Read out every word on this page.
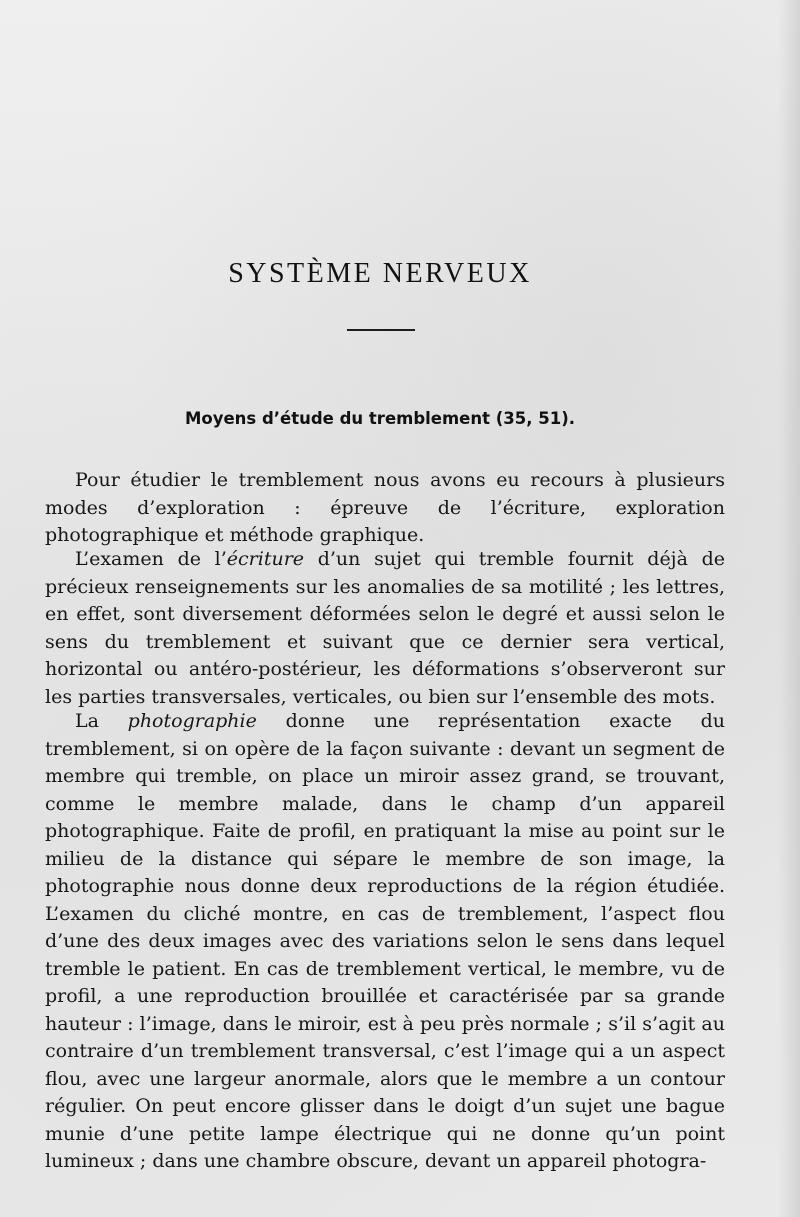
SYSTÈME NERVEUX
Moyens d’étude du tremblement (35, 51).

Pour étudier le tremblement nous avons eu recours à plusieurs modes d’exploration : épreuve de l’écriture, exploration photographique et méthode graphique.

L’examen de l’écriture d’un sujet qui tremble fournit déjà de précieux renseignements sur les anomalies de sa motilité ; les lettres, en effet, sont diversement déformées selon le degré et aussi selon le sens du tremblement et suivant que ce dernier sera vertical, horizontal ou antéro-postérieur, les déformations s’observeront sur les parties transversales, verticales, ou bien sur l’ensemble des mots.

La photographie donne une représentation exacte du tremblement, si on opère de la façon suivante : devant un segment de membre qui tremble, on place un miroir assez grand, se trouvant, comme le membre malade, dans le champ d’un appareil photographique. Faite de profil, en pratiquant la mise au point sur le milieu de la distance qui sépare le membre de son image, la photographie nous donne deux reproductions de la région étudiée. L’examen du cliché montre, en cas de tremblement, l’aspect flou d’une des deux images avec des variations selon le sens dans lequel tremble le patient. En cas de tremblement vertical, le membre, vu de profil, a une reproduction brouillée et caractérisée par sa grande hauteur : l’image, dans le miroir, est à peu près normale ; s’il s’agit au contraire d’un tremblement transversal, c’est l’image qui a un aspect flou, avec une largeur anormale, alors que le membre a un contour régulier. On peut encore glisser dans le doigt d’un sujet une bague munie d’une petite lampe électrique qui ne donne qu’un point lumineux ; dans une chambre obscure, devant un appareil photogra-
